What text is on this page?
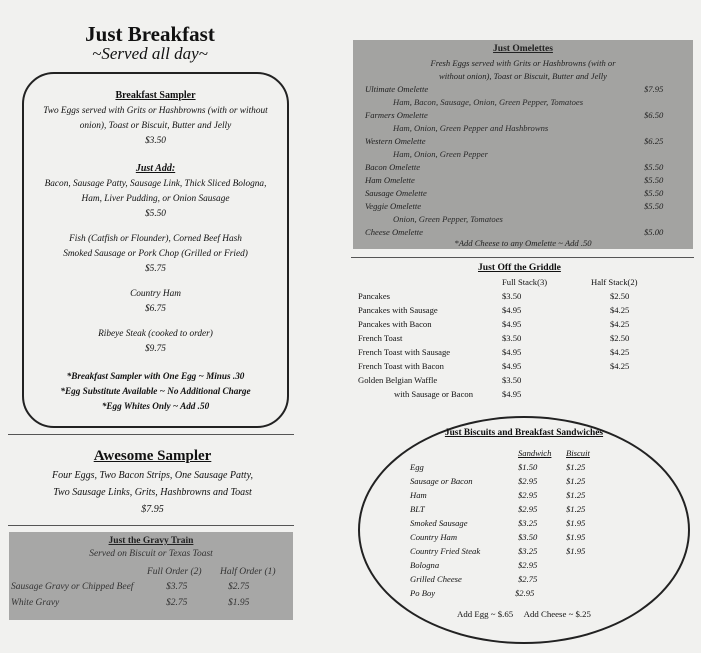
Just Breakfast
~Served all day~
Breakfast Sampler
Two Eggs served with Grits or Hashbrowns (with or without
onion), Toast or Biscuit, Butter and Jelly
$3.50
Just Add:
Bacon, Sausage Patty, Sausage Link, Thick Sliced Bologna,
Ham, Liver Pudding, or Onion Sausage
$5.50
Fish (Catfish or Flounder), Corned Beef Hash
Smoked Sausage or Pork Chop (Grilled or Fried)
$5.75
Country Ham
$6.75
Ribeye Steak (cooked to order)
$9.75
*Breakfast Sampler with One Egg ~ Minus .30
*Egg Substitute Available ~ No Additional Charge
*Egg Whites Only ~ Add .50
Awesome Sampler
Four Eggs, Two Bacon Strips, One Sausage Patty,
Two Sausage Links, Grits, Hashbrowns and Toast
$7.95
Just the Gravy Train
Served on Biscuit or Texas Toast
Full Order (2) Half Order (1)
Sausage Gravy or Chipped Beef	$3.75	$2.75
White Gravy	$2.75	$1.95
Just Omelettes
Fresh Eggs served with Grits or Hashbrowns (with or
without onion), Toast or Biscuit, Butter and Jelly
Ultimate Omelette	$7.95
Ham, Bacon, Sausage, Onion, Green Pepper, Tomatoes
Farmers Omelette	$6.50
Ham, Onion, Green Pepper and Hashbrowns
Western Omelette	$6.25
Ham, Onion, Green Pepper
Bacon Omelette	$5.50
Ham Omelette	$5.50
Sausage Omelette	$5.50
Veggie Omelette	$5.50
Onion, Green Pepper, Tomatoes
Cheese Omelette	$5.00
*Add Cheese to any Omelette ~ Add .50
Just Off the Griddle
Full Stack(3)	Half Stack(2)
Pancakes	$3.50	$2.50
Pancakes with Sausage	$4.95	$4.25
Pancakes with Bacon	$4.95	$4.25
French Toast	$3.50	$2.50
French Toast with Sausage	$4.95	$4.25
French Toast with Bacon	$4.95	$4.25
Golden Belgian Waffle	$3.50
with Sausage or Bacon	$4.95
Just Biscuits and Breakfast Sandwiches
Sandwich Biscuit
Egg	$1.50	$1.25
Sausage or Bacon	$2.95	$1.25
Ham	$2.95	$1.25
BLT	$2.95	$1.25
Smoked Sausage	$3.25	$1.95
Country Ham	$3.50	$1.95
Country Fried Steak	$3.25	$1.95
Bologna	$2.95
Grilled Cheese	$2.75
Po Boy	$2.95
Add Egg ~ $.65     Add Cheese ~ $.25
